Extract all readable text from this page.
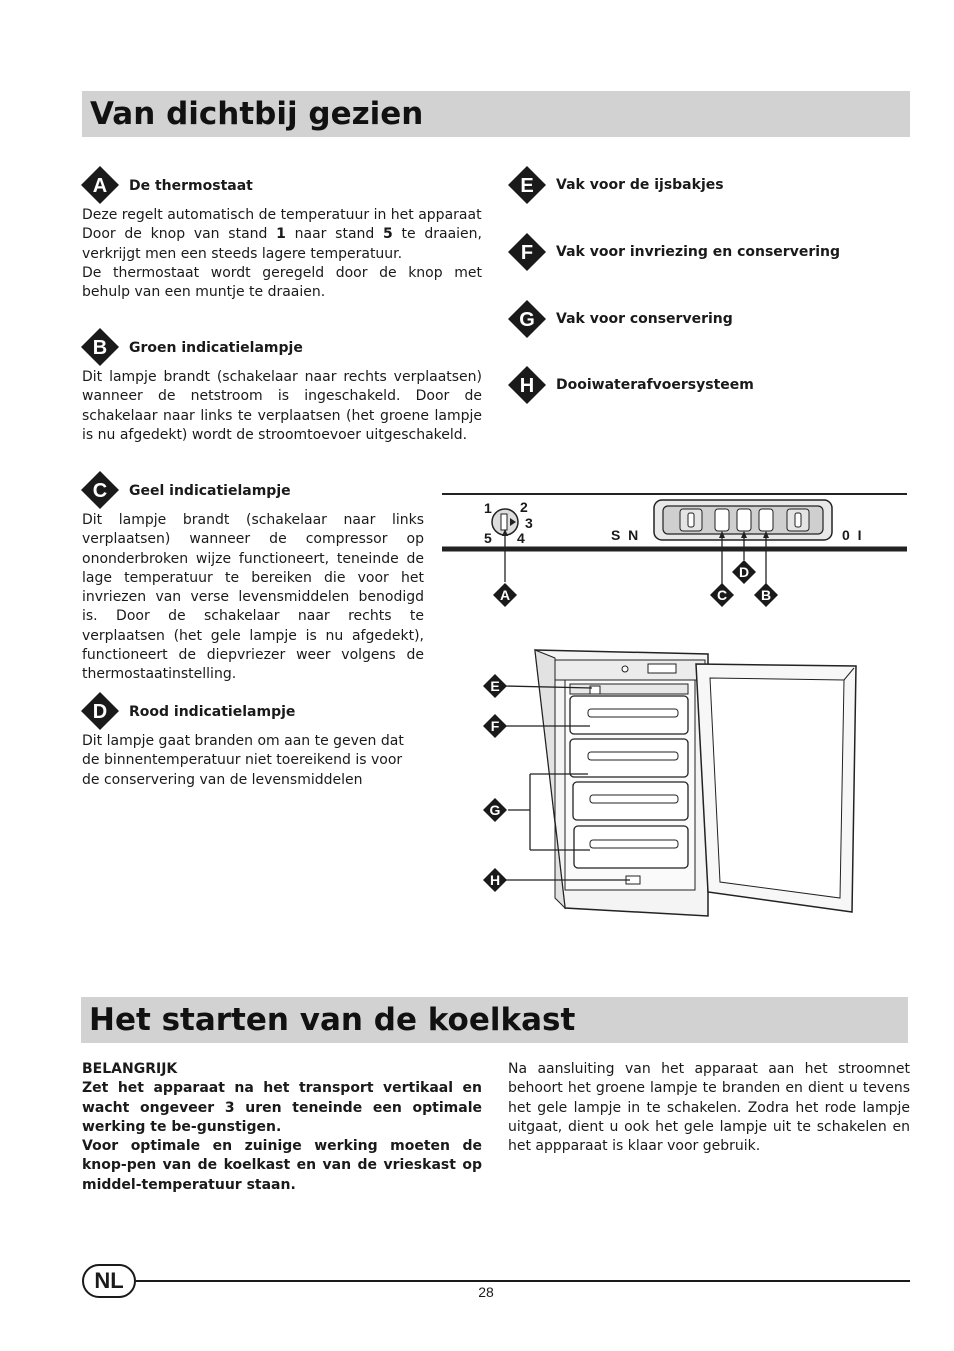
Van dichtbij gezien
A De thermostaat
Deze regelt automatisch de temperatuur in het apparaat
Door de knop van stand 1 naar stand 5 te draaien, verkrijgt men een steeds lagere temperatuur.
De thermostaat wordt geregeld door de knop met behulp van een muntje te draaien.
B Groen indicatielampje
Dit lampje brandt (schakelaar naar rechts verplaatsen) wanneer de netstroom is ingeschakeld. Door de schakelaar naar links te verplaatsen (het groene lampje is nu afgedekt) wordt de stroomtoevoer uitgeschakeld.
C Geel indicatielampje
Dit lampje brandt (schakelaar naar links verplaatsen) wanneer de compressor op ononderbroken wijze functioneert, teneinde de lage temperatuur te bereiken die voor het invriezen van verse levensmiddelen benodigd is. Door de schakelaar naar rechts te verplaatsen (het gele lampje is nu afgedekt), functioneert de diepvriezer weer volgens de thermostaatinstelling.
D Rood indicatielampje
Dit lampje gaat branden om aan te geven dat de binnentemperatuur niet toereikend is voor de conservering van de levensmiddelen
E Vak voor de ijsbakjes
F Vak voor invriezing en conservering
G Vak voor conservering
H Dooiwaterafvoersysteem
1 2
3
4
5	S  N	0  I
A	B
C
D
E
F
G
H
Het starten van de koelkast
BELANGRIJK
Zet het apparaat na het transport vertikaal en wacht ongeveer 3 uren teneinde een optimale werking te be-gunstigen.
Voor optimale en zuinige werking moeten de knop-pen van de koelkast en van de vrieskast op middel-temperatuur staan.
Na aansluiting van het apparaat aan het stroomnet behoort het groene lampje te branden en dient u tevens het gele lampje in te schakelen. Zodra het rode lampje uitgaat, dient u ook het gele lampje uit te schakelen en het appparaat is klaar voor gebruik.
NL	28
